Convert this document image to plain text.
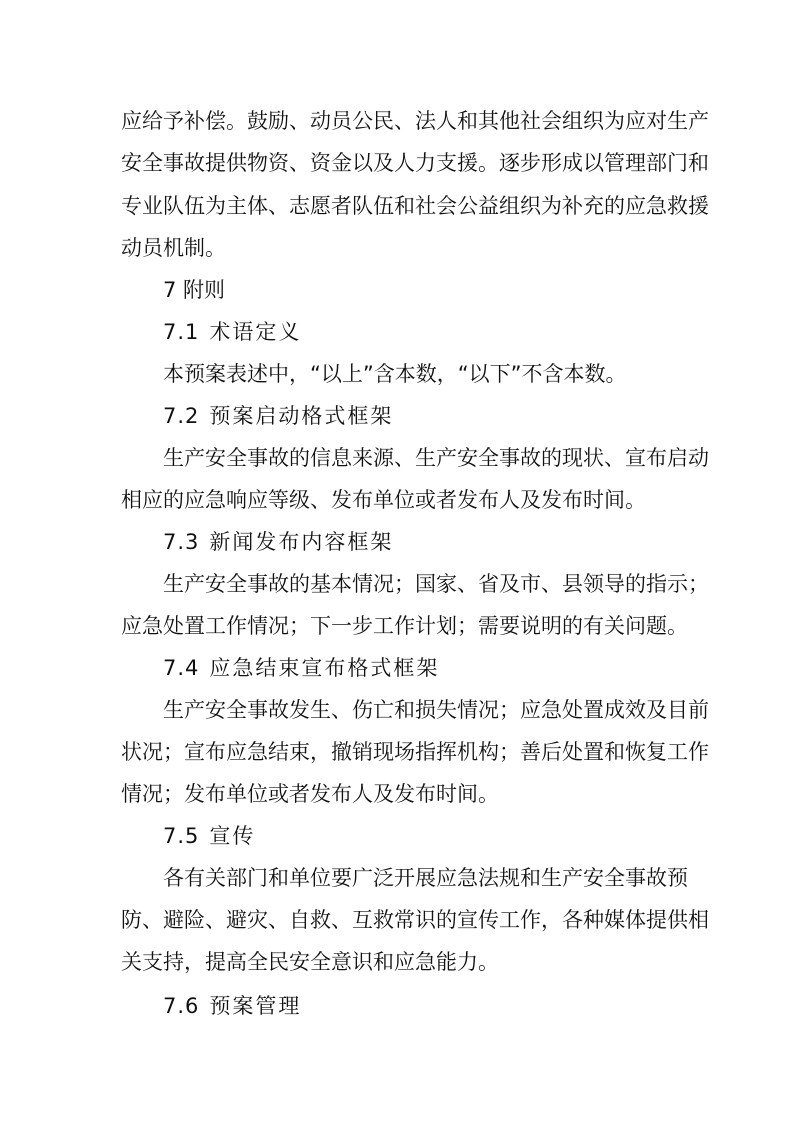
应给予补偿。鼓励、动员公民、法人和其他社会组织为应对生产
安全事故提供物资、资金以及人力支援。逐步形成以管理部门和
专业队伍为主体、志愿者队伍和社会公益组织为补充的应急救援
动员机制。
7 附则
7.1 术语定义
本预案表述中，“以上”含本数，“以下”不含本数。
7.2 预案启动格式框架
生产安全事故的信息来源、生产安全事故的现状、宣布启动
相应的应急响应等级、发布单位或者发布人及发布时间。
7.3 新闻发布内容框架
生产安全事故的基本情况；国家、省及市、县领导的指示；
应急处置工作情况；下一步工作计划；需要说明的有关问题。
7.4 应急结束宣布格式框架
生产安全事故发生、伤亡和损失情况；应急处置成效及目前
状况；宣布应急结束，撤销现场指挥机构；善后处置和恢复工作
情况；发布单位或者发布人及发布时间。
7.5 宣传
各有关部门和单位要广泛开展应急法规和生产安全事故预
防、避险、避灾、自救、互救常识的宣传工作，各种媒体提供相
关支持，提高全民安全意识和应急能力。
7.6 预案管理
